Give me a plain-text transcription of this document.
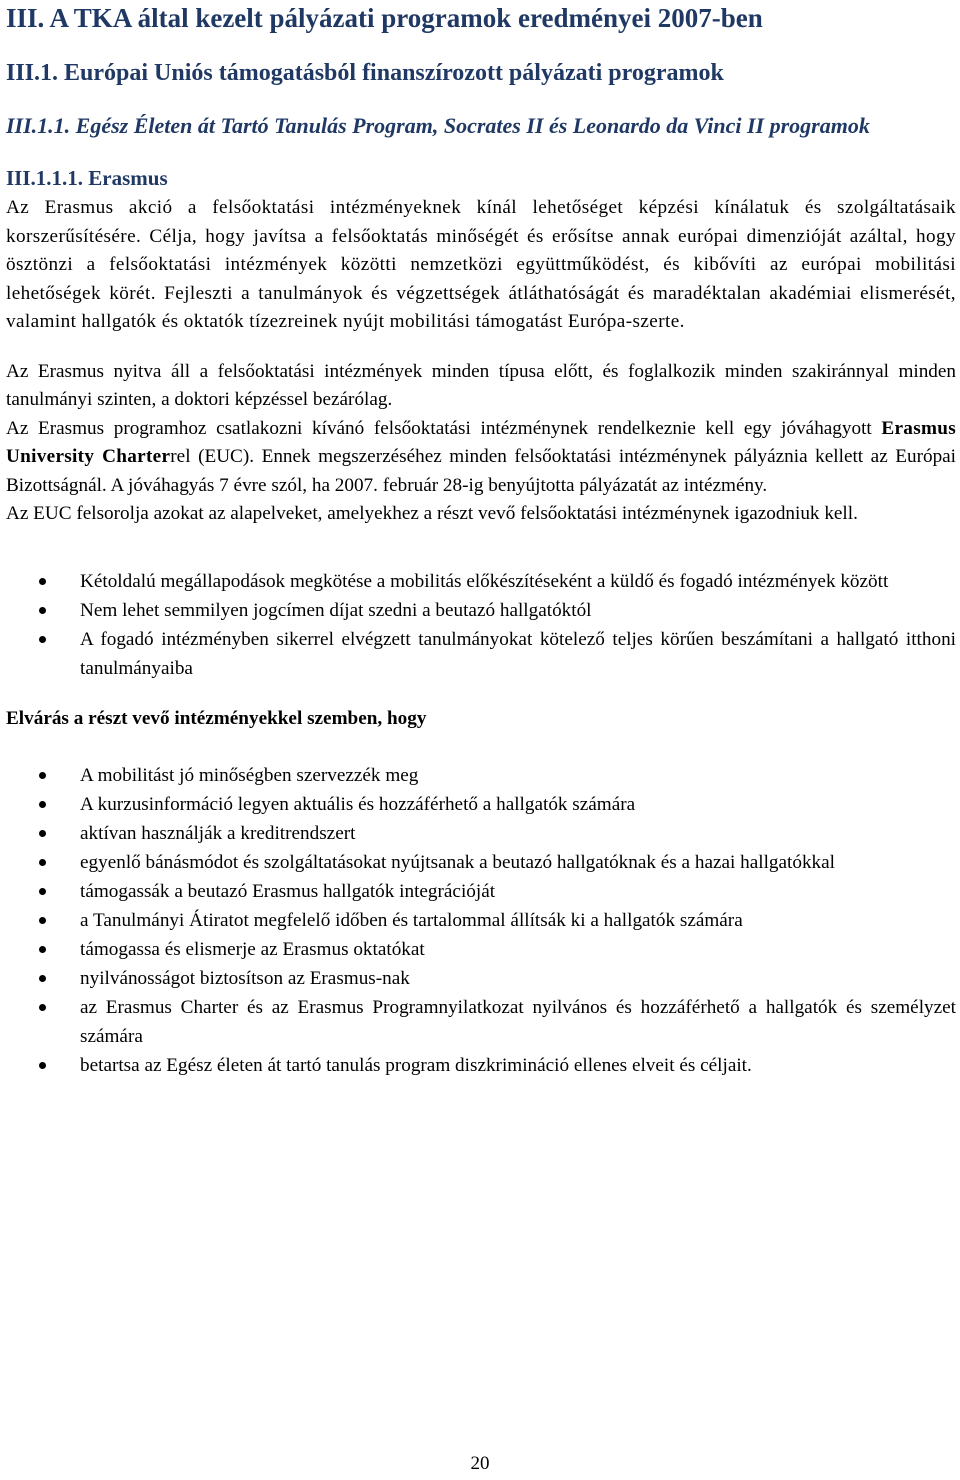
III. A TKA által kezelt pályázati programok eredményei 2007-ben
III.1. Európai Uniós támogatásból finanszírozott pályázati programok
III.1.1. Egész Életen át Tartó Tanulás Program, Socrates II és Leonardo da Vinci II programok
III.1.1.1. Erasmus

Az Erasmus akció a felsőoktatási intézményeknek kínál lehetőséget képzési kínálatuk és szolgáltatásaik korszerűsítésére. Célja, hogy javítsa a felsőoktatás minőségét és erősítse annak európai dimenzióját azáltal, hogy ösztönzi a felsőoktatási intézmények közötti nemzetközi együttműködést, és kibővíti az európai mobilitási lehetőségek körét. Fejleszti a tanulmányok és végzettségek átláthatóságát és maradéktalan akadémiai elismerését, valamint hallgatók és oktatók tízezreinek nyújt mobilitási támogatást Európa-szerte.

Az Erasmus nyitva áll a felsőoktatási intézmények minden típusa előtt, és foglalkozik minden szakiránnyal minden tanulmányi szinten, a doktori képzéssel bezárólag.

Az Erasmus programhoz csatlakozni kívánó felsőoktatási intézménynek rendelkeznie kell egy jóváhagyott Erasmus University Charterrel (EUC). Ennek megszerzéséhez minden felsőoktatási intézménynek pályáznia kellett az Európai Bizottságnál. A jóváhagyás 7 évre szól, ha 2007. február 28-ig benyújtotta pályázatát az intézmény.

Az EUC felsorolja azokat az alapelveket, amelyekhez a részt vevő felsőoktatási intézménynek igazodniuk kell.

Kétoldalú megállapodások megkötése a mobilitás előkészítéseként a küldő és fogadó intézmények között
Nem lehet semmilyen jogcímen díjat szedni a beutazó hallgatóktól
A fogadó intézményben sikerrel elvégzett tanulmányokat kötelező teljes körűen beszámítani a hallgató itthoni tanulmányaiba
Elvárás a részt vevő intézményekkel szemben, hogy
A mobilitást jó minőségben szervezzék meg
A kurzusinformáció legyen aktuális és hozzáférhető a hallgatók számára
aktívan használják a kreditrendszert
egyenlő bánásmódot és szolgáltatásokat nyújtsanak a beutazó hallgatóknak és a hazai hallgatókkal
támogassák a beutazó Erasmus hallgatók integrációját
a Tanulmányi Átiratot megfelelő időben és tartalommal állítsák ki a hallgatók számára
támogassa és elismerje az Erasmus oktatókat
nyilvánosságot biztosítson az Erasmus-nak
az Erasmus Charter és az Erasmus Programnyilatkozat nyilvános és hozzáférhető a hallgatók és személyzet számára
betartsa az Egész életen át tartó tanulás program diszkrimináció ellenes elveit és céljait.
20
